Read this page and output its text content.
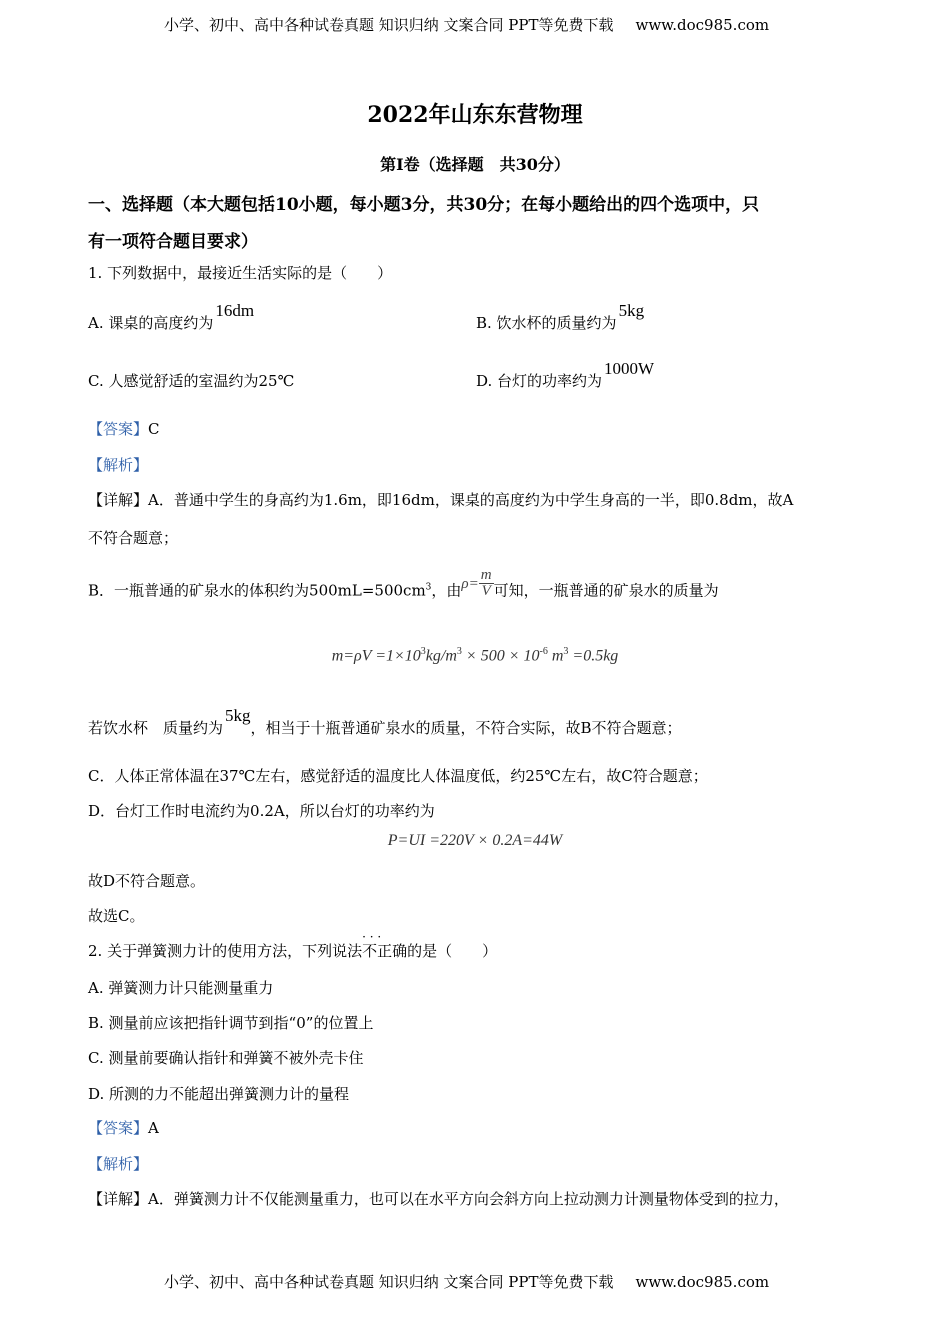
小学、初中、高中各种试卷真题 知识归纳 文案合同 PPT等免费下载 www.doc985.com
2022年山东东营物理
第Ⅰ卷（选择题　共30分）
一、选择题（本大题包括10小题，每小题3分，共30分；在每小题给出的四个选项中，只
有一项符合题目要求）
1. 下列数据中，最接近生活实际的是（　　）
A. 课桌的高度约为16dm
B. 饮水杯的质量约为5kg
C. 人感觉舒适的室温约为25℃	D. 台灯的功率约为1000W
【答案】C
【解析】
【详解】A．普通中学生的身高约为1.6m，即16dm，课桌的高度约为中学生身高的一半，即0.8dm，故A
不符合题意；
B．一瓶普通的矿泉水的体积约为$500mL=500cm^3$，由$\rho= \frac{m}{V}$ 可知，一瓶普通的矿泉水的质量为
$m=\rho V =1\times 10^3kg/m^3 \times 500 \times 10^{-6}$ $m^3 =0.5kg$
若饮水杯　质量约为5kg，相当于十瓶普通矿泉水的质量，不符合实际，故B不符合题意；
C．人体正常体温在37℃左右，感觉舒适的温度比人体温度低，约25℃左右，故C符合题意；
D．台灯工作时电流约为0.2A，所以台灯的功率约为
P=UI =220V × 0.2A=44W
故D不符合题意。
故选C。
2. 关于弹簧测力计的使用方法，下列说法· · · 不正确的是（　　）
A. 弹簧测力计只能测量重力
B. 测量前应该把指针调节到指“0”的位置上
C. 测量前要确认指针和弹簧不被外壳卡住
D. 所测的力不能超出弹簧测力计的量程
【答案】A
【解析】
【详解】A．弹簧测力计不仅能测量重力，也可以在水平方向会斜方向上拉动测力计测量物体受到的拉力，
小学、初中、高中各种试卷真题 知识归纳 文案合同 PPT等免费下载 www.doc985.com
